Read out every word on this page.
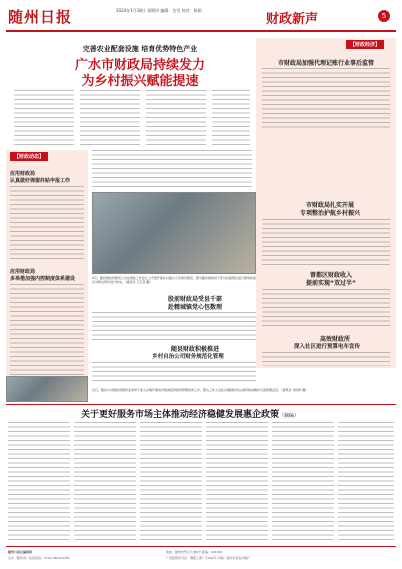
随州日报	2024年1月18日 星期四 编辑：龙雪 校对：陈娟
财政新声	5
完善农业配套设施 培育优势特色产业
广水市财政局持续发力
为乡村振兴赋能提速
【财政经济】
市财政局加强代理记账行业事后监管
市财政局扎实开展
专项整治护航乡村振兴
曾都区财政收入
提前实现“双过半”
高效财政所
深入社区进行预算电车宣传
【财政动态】
应用财政局
认真做好弹窗抖贴申报工作
应用财政局
多举措加强内控制度体系建设	4月，随县财政局组织人员在财政工作会议上介绍开展乡村振兴示范建设情况，图为随县财政局干部对村级项目进行现场检查并对相关资料进行核实。（通讯员 王卫民 摄）
股前财政局受县千部
赴精城镇党心包数理
随县财政积极推进
乡村自治公司财务规范化管理
近日，随县小村财政局组织业务骨干深入乡镇开展农村集体经济财务管理培训工作，图为工作人员在乡镇财政所认真听取讲解并交流管理意见。（通讯员 许国华 摄）
关于更好服务市场主体推动经济稳健发展惠企政策（摘编）
随州日报社编辑部
全市（随州市）政府热线：0722-3601(0(83)
地址：随州市烈山大道9号 邮编：441300
广告经营许可证：鄂随工商广字002号 印刷：随州日报社印刷厂
